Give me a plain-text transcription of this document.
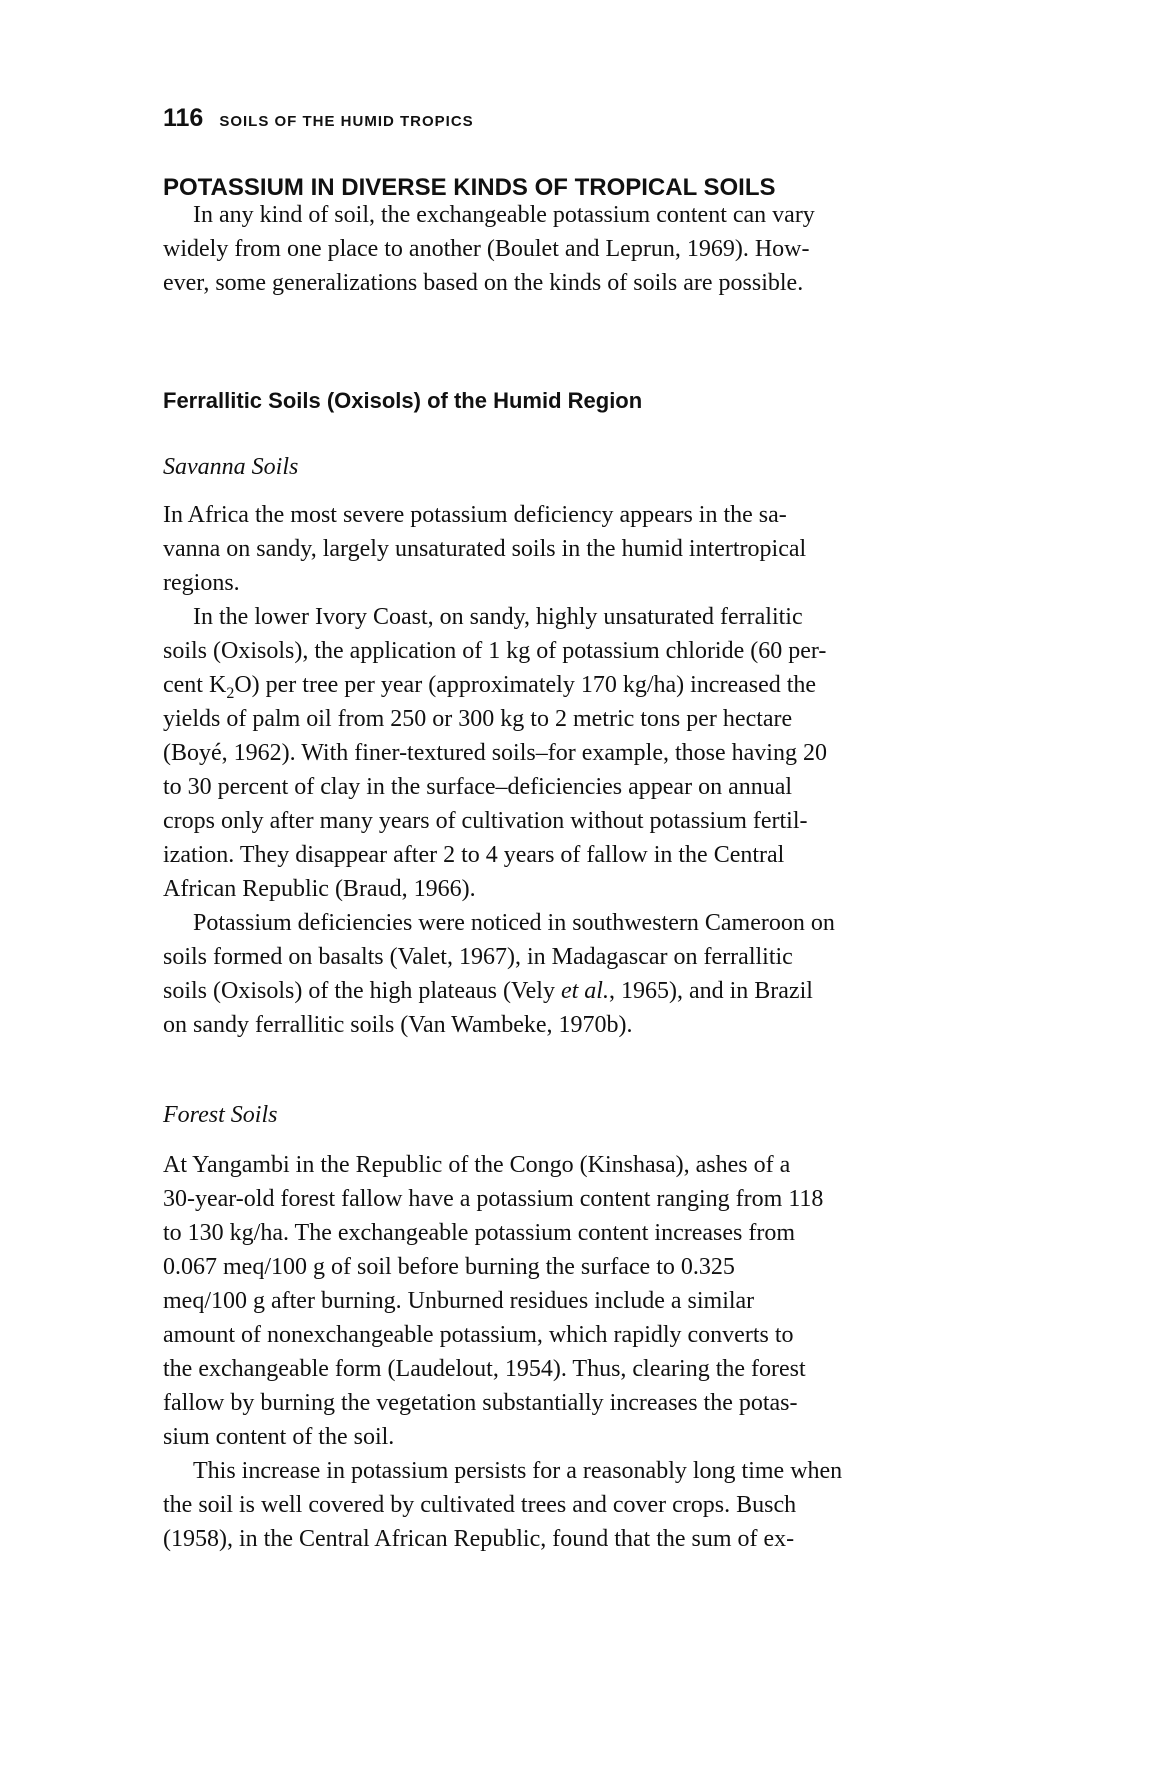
116 SOILS OF THE HUMID TROPICS
POTASSIUM IN DIVERSE KINDS OF TROPICAL SOILS

In any kind of soil, the exchangeable potassium content can vary
widely from one place to another (Boulet and Leprun, 1969). How-
ever, some generalizations based on the kinds of soils are possible.

Ferrallitic Soils (Oxisols) of the Humid Region
Savanna Soils
In Africa the most severe potassium deficiency appears in the sa-
vanna on sandy, largely unsaturated soils in the humid intertropical
regions.
In the lower Ivory Coast, on sandy, highly unsaturated ferralitic
soils (Oxisols), the application of 1 kg of potassium chloride (60 per-
cent $K_2O$) per tree per year (approximately 170 kg/ha) increased the
yields of palm oil from 250 or 300 kg to 2 metric tons per hectare
(Boyé, 1962). With finer-textured soils–for example, those having 20
to 30 percent of clay in the surface–deficiencies appear on annual
crops only after many years of cultivation without potassium fertil-
ization. They disappear after 2 to 4 years of fallow in the Central
African Republic (Braud, 1966).
Potassium deficiencies were noticed in southwestern Cameroon on
soils formed on basalts (Valet, 1967), in Madagascar on ferrallitic
soils (Oxisols) of the high plateaus (Vely et al., 1965), and in Brazil
on sandy ferrallitic soils (Van Wambeke, 1970b).
Forest Soils
At Yangambi in the Republic of the Congo (Kinshasa), ashes of a
30-year-old forest fallow have a potassium content ranging from 118
to 130 kg/ha. The exchangeable potassium content increases from
0.067 meq/100 g of soil before burning the surface to 0.325
meq/100 g after burning. Unburned residues include a similar
amount of nonexchangeable potassium, which rapidly converts to
the exchangeable form (Laudelout, 1954). Thus, clearing the forest
fallow by burning the vegetation substantially increases the potas-
sium content of the soil.
This increase in potassium persists for a reasonably long time when
the soil is well covered by cultivated trees and cover crops. Busch
(1958), in the Central African Republic, found that the sum of ex-
